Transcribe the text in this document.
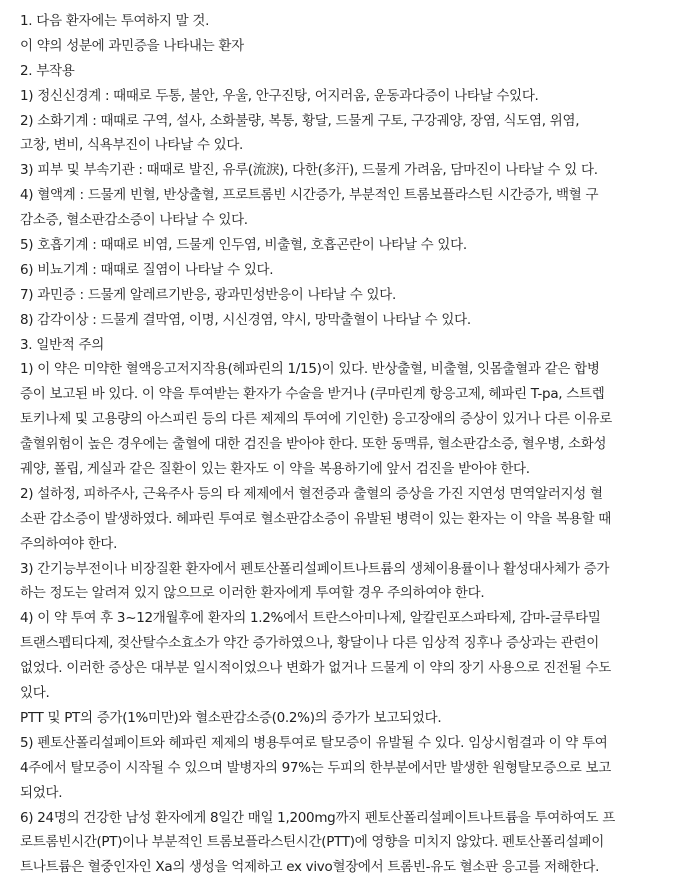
1. 다음 환자에는 투여하지 말 것.
이 약의 성분에 과민증을 나타내는 환자
2. 부작용
1) 정신신경계 : 때때로 두통, 불안, 우울, 안구진탕, 어지러움, 운동과다증이 나타날 수있다.
2) 소화기계 : 때때로 구역, 설사, 소화불량, 복통, 황달, 드물게 구토, 구강궤양, 장염, 식도염, 위염,
고창, 변비, 식욕부진이 나타날 수 있다.
3) 피부 및 부속기관 : 때때로 발진, 유루(流淚), 다한(多汗), 드물게 가려움, 담마진이 나타날 수 있 다.
4) 혈액계 : 드물게 빈혈, 반상출혈, 프로트롬빈 시간증가, 부분적인 트롬보플라스틴 시간증가, 백혈 구
감소증, 혈소판감소증이 나타날 수 있다.
5) 호흡기계 : 때때로 비염, 드물게 인두염, 비출혈, 호흡곤란이 나타날 수 있다.
6) 비뇨기계 : 때때로 질염이 나타날 수 있다.
7) 과민증 : 드물게 알레르기반응, 광과민성반응이 나타날 수 있다.
8) 감각이상 : 드물게 결막염, 이명, 시신경염, 약시, 망막출혈이 나타날 수 있다.
3. 일반적 주의
1) 이 약은 미약한 혈액응고저지작용(헤파린의 1/15)이 있다. 반상출혈, 비출혈, 잇몸출혈과 같은 합병
증이 보고된 바 있다. 이 약을 투여받는 환자가 수술을 받거나 (쿠마린계 항응고제, 헤파린 T-pa, 스트렙
토키나제 및 고용량의 아스피린 등의 다른 제제의 투여에 기인한) 응고장애의 증상이 있거나 다른 이유로
출혈위험이 높은 경우에는 출혈에 대한 검진을 받아야 한다. 또한 동맥류, 혈소판감소증, 혈우병, 소화성
궤양, 폴립, 게실과 같은 질환이 있는 환자도 이 약을 복용하기에 앞서 검진을 받아야 한다.
2) 설하정, 피하주사, 근육주사 등의 타 제제에서 혈전증과 출혈의 증상을 가진 지연성 면역알러지성 혈
소판 감소증이 발생하였다. 헤파린 투여로 혈소판감소증이 유발된 병력이 있는 환자는 이 약을 복용할 때
주의하여야 한다.
3) 간기능부전이나 비장질환 환자에서 펜토산폴리설페이트나트륨의 생체이용률이나 활성대사체가 증가
하는 정도는 알려져 있지 않으므로 이러한 환자에게 투여할 경우 주의하여야 한다.
4) 이 약 투여 후 3~12개월후에 환자의 1.2%에서 트란스아미나제, 알칼린포스파타제, 감마-글루타밀
트랜스펩티다제, 젖산탈수소효소가 약간 증가하였으나, 황달이나 다른 임상적 징후나 증상과는 관련이
없었다. 이러한 증상은 대부분 일시적이었으나 변화가 없거나 드물게 이 약의 장기 사용으로 진전될 수도
있다.
PTT 및 PT의 증가(1%미만)와 혈소판감소증(0.2%)의 증가가 보고되었다.
5) 펜토산폴리설페이트와 헤파린 제제의 병용투여로 탈모증이 유발될 수 있다. 임상시험결과 이 약 투여
4주에서 탈모증이 시작될 수 있으며 발병자의 97%는 두피의 한부분에서만 발생한 원형탈모증으로 보고
되었다.
6) 24명의 건강한 남성 환자에게 8일간 매일 1,200mg까지 펜토산폴리설페이트나트륨을 투여하여도 프
로트롬빈시간(PT)이나 부분적인 트롬보플라스틴시간(PTT)에 영향을 미치지 않았다. 펜토산폴리설페이
트나트륨은 혈중인자인 Xa의 생성을 억제하고 ex vivo혈장에서 트롬빈-유도 혈소판 응고를 저해한다.
